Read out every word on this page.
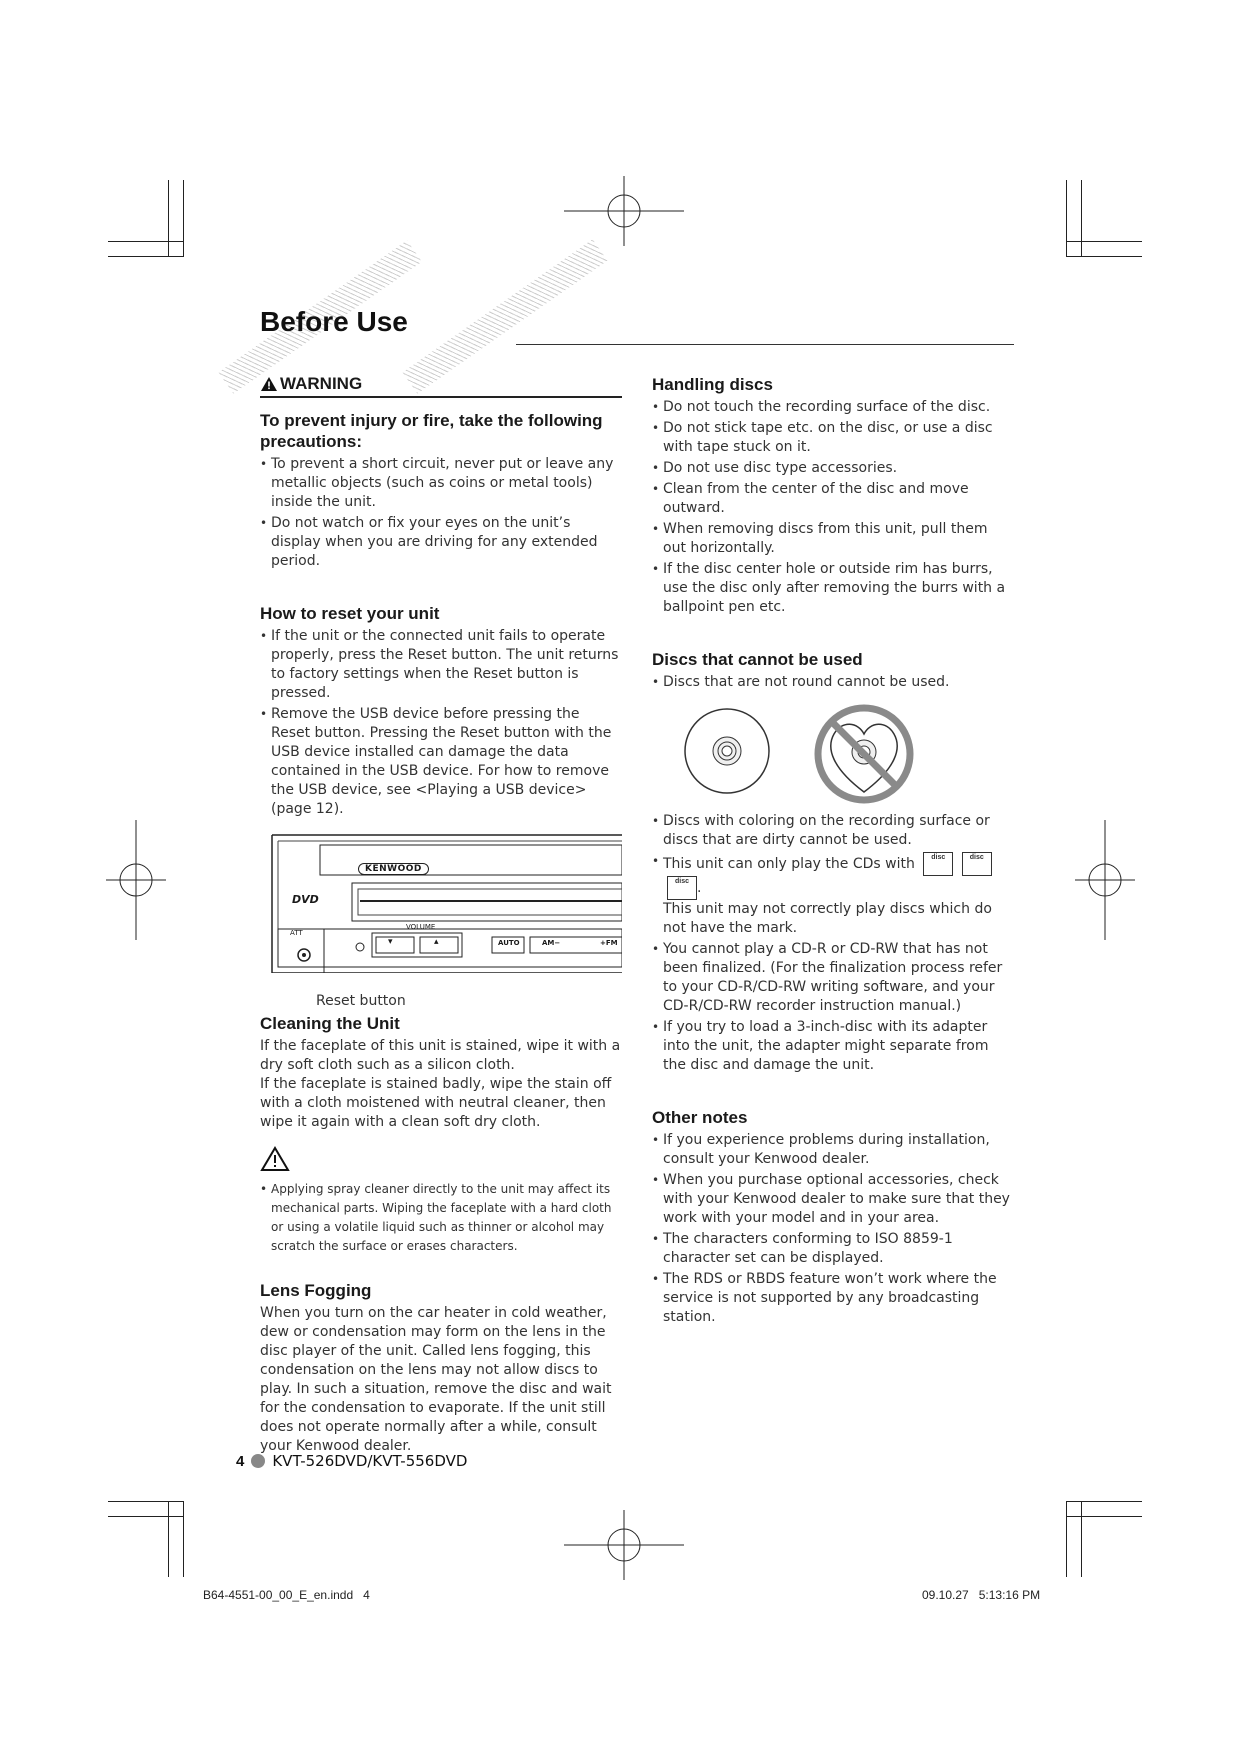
Before Use
WARNING
To prevent injury or fire, take the following precautions:
• To prevent a short circuit, never put or leave any metallic objects (such as coins or metal tools) inside the unit.
• Do not watch or fix your eyes on the unit’s display when you are driving for any extended period.
How to reset your unit
• If the unit or the connected unit fails to operate properly, press the Reset button. The unit returns to factory settings when the Reset button is pressed.
• Remove the USB device before pressing the Reset button. Pressing the Reset button with the USB device installed can damage the data contained in the USB device. For how to remove the USB device, see <Playing a USB device> (page 12).
KENWOOD
DVD
ATT
VOLUME
▾	▴	AUTO	AM−	+FM
Reset button
Cleaning the Unit

If the faceplate of this unit is stained, wipe it with a dry soft cloth such as a silicon cloth.

If the faceplate is stained badly, wipe the stain off with a cloth moistened with neutral cleaner, then wipe it again with a clean soft dry cloth.

• Applying spray cleaner directly to the unit may affect its mechanical parts. Wiping the faceplate with a hard cloth or using a volatile liquid such as thinner or alcohol may scratch the surface or erases characters.
Lens Fogging

When you turn on the car heater in cold weather, dew or condensation may form on the lens in the disc player of the unit. Called lens fogging, this condensation on the lens may not allow discs to play. In such a situation, remove the disc and wait for the condensation to evaporate. If the unit still does not operate normally after a while, consult your Kenwood dealer.

Handling discs
• Do not touch the recording surface of the disc.
• Do not stick tape etc. on the disc, or use a disc with tape stuck on it.
• Do not use disc type accessories.
• Clean from the center of the disc and move outward.
• When removing discs from this unit, pull them out horizontally.
• If the disc center hole or outside rim has burrs, use the disc only after removing the burrs with a ballpoint pen etc.
Discs that cannot be used
• Discs that are not round cannot be used.
• Discs with coloring on the recording surface or discs that are dirty cannot be used.
• This unit can only play the CDs with disc	disc disc .
This unit may not correctly play discs which do not have the mark.
• You cannot play a CD-R or CD-RW that has not been finalized. (For the finalization process refer to your CD-R/CD-RW writing software, and your CD-R/CD-RW recorder instruction manual.)
• If you try to load a 3-inch-disc with its adapter into the unit, the adapter might separate from the disc and damage the unit.
Other notes
• If you experience problems during installation, consult your Kenwood dealer.
• When you purchase optional accessories, check with your Kenwood dealer to make sure that they work with your model and in your area.
• The characters conforming to ISO 8859-1 character set can be displayed.
• The RDS or RBDS feature won’t work where the service is not supported by any broadcasting station.
4 KVT-526DVD/KVT-556DVD
B64-4551-00_00_E_en.indd   4	09.10.27   5:13:16 PM
